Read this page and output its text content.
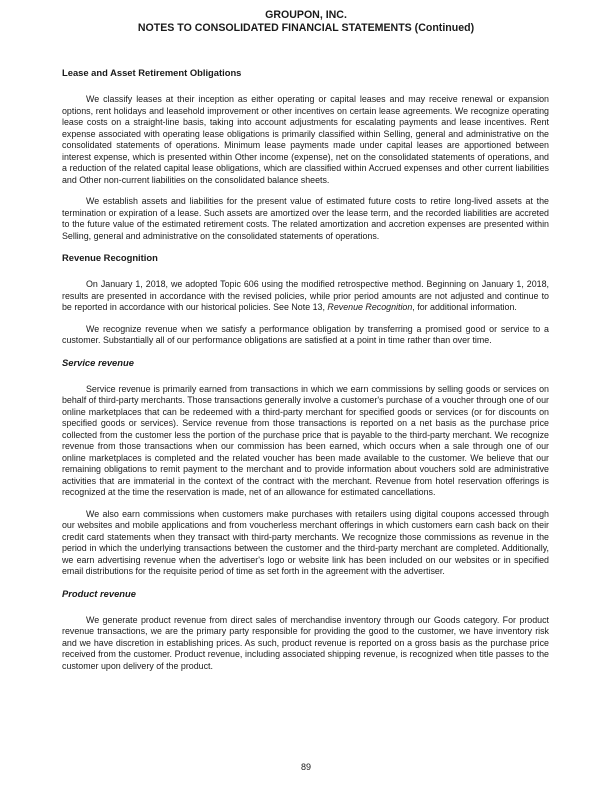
GROUPON, INC.
NOTES TO CONSOLIDATED FINANCIAL STATEMENTS (Continued)

Lease and Asset Retirement Obligations

We classify leases at their inception as either operating or capital leases and may receive renewal or expansion options, rent holidays and leasehold improvement or other incentives on certain lease agreements. We recognize operating lease costs on a straight-line basis, taking into account adjustments for escalating payments and lease incentives. Rent expense associated with operating lease obligations is primarily classified within Selling, general and administrative on the consolidated statements of operations. Minimum lease payments made under capital leases are apportioned between interest expense, which is presented within Other income (expense), net on the consolidated statements of operations, and a reduction of the related capital lease obligations, which are classified within Accrued expenses and other current liabilities and Other non-current liabilities on the consolidated balance sheets.

We establish assets and liabilities for the present value of estimated future costs to retire long-lived assets at the termination or expiration of a lease. Such assets are amortized over the lease term, and the recorded liabilities are accreted to the future value of the estimated retirement costs. The related amortization and accretion expenses are presented within Selling, general and administrative on the consolidated statements of operations.

Revenue Recognition

On January 1, 2018, we adopted Topic 606 using the modified retrospective method. Beginning on January 1, 2018, results are presented in accordance with the revised policies, while prior period amounts are not adjusted and continue to be reported in accordance with our historical policies. See Note 13, Revenue Recognition, for additional information.

We recognize revenue when we satisfy a performance obligation by transferring a promised good or service to a customer. Substantially all of our performance obligations are satisfied at a point in time rather than over time.

Service revenue

Service revenue is primarily earned from transactions in which we earn commissions by selling goods or services on behalf of third-party merchants. Those transactions generally involve a customer's purchase of a voucher through one of our online marketplaces that can be redeemed with a third-party merchant for specified goods or services (or for discounts on specified goods or services). Service revenue from those transactions is reported on a net basis as the purchase price collected from the customer less the portion of the purchase price that is payable to the third-party merchant. We recognize revenue from those transactions when our commission has been earned, which occurs when a sale through one of our online marketplaces is completed and the related voucher has been made available to the customer. We believe that our remaining obligations to remit payment to the merchant and to provide information about vouchers sold are administrative activities that are immaterial in the context of the contract with the merchant. Revenue from hotel reservation offerings is recognized at the time the reservation is made, net of an allowance for estimated cancellations.

We also earn commissions when customers make purchases with retailers using digital coupons accessed through our websites and mobile applications and from voucherless merchant offerings in which customers earn cash back on their credit card statements when they transact with third-party merchants. We recognize those commissions as revenue in the period in which the underlying transactions between the customer and the third-party merchant are completed. Additionally, we earn advertising revenue when the advertiser's logo or website link has been included on our websites or in specified email distributions for the requisite period of time as set forth in the agreement with the advertiser.

Product revenue

We generate product revenue from direct sales of merchandise inventory through our Goods category. For product revenue transactions, we are the primary party responsible for providing the good to the customer, we have inventory risk and we have discretion in establishing prices. As such, product revenue is reported on a gross basis as the purchase price received from the customer. Product revenue, including associated shipping revenue, is recognized when title passes to the customer upon delivery of the product.

89
